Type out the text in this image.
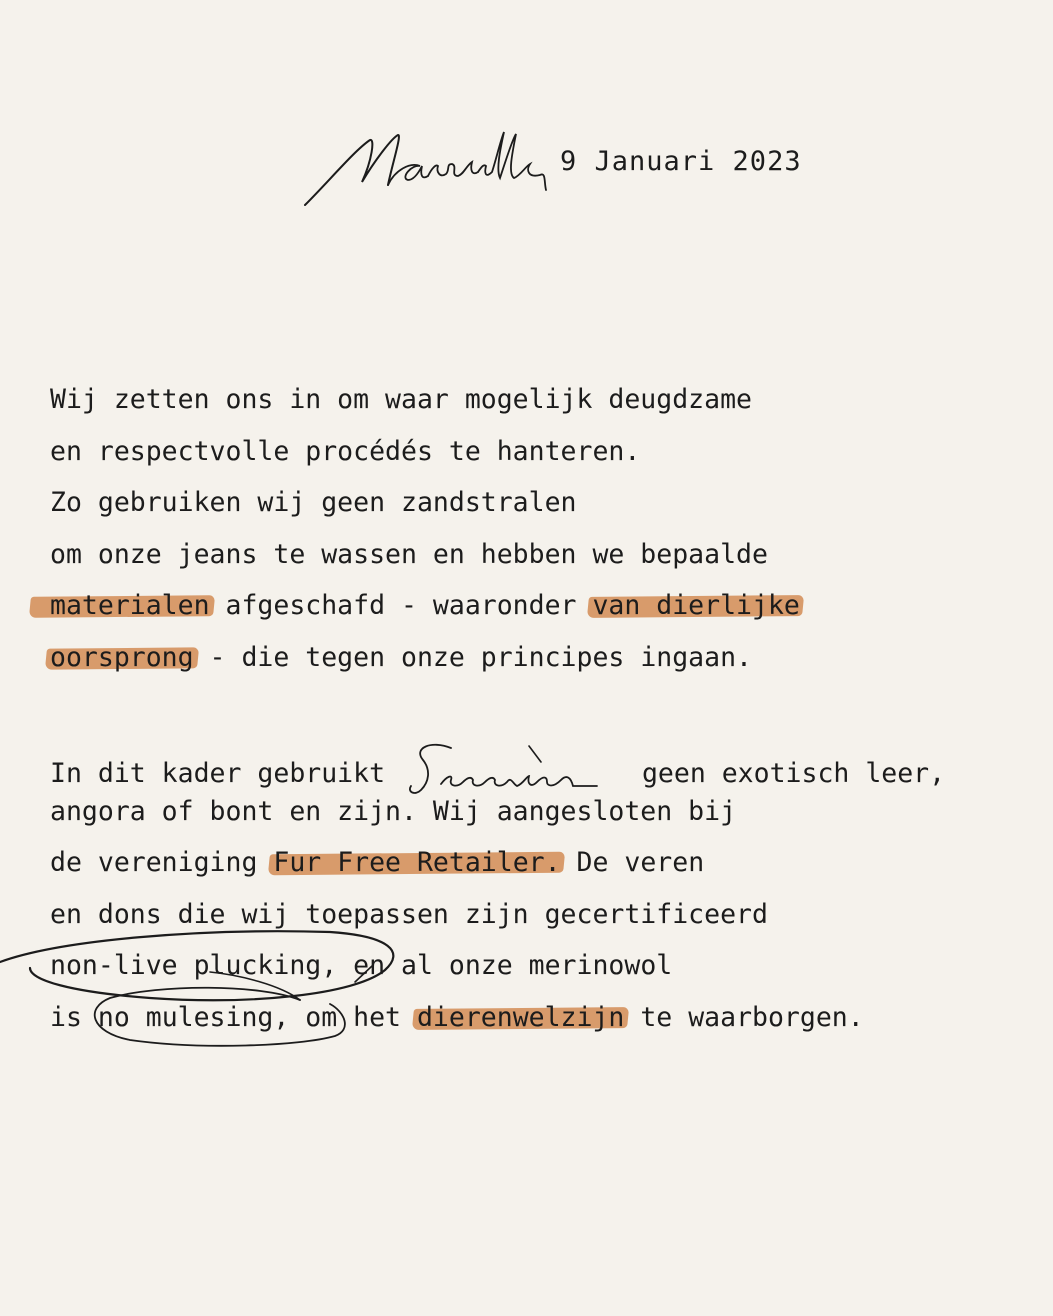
9 Januari 2023
Wij zetten ons in om waar mogelijk deugdzame
en respectvolle procédés te hanteren.
Zo gebruiken wij geen zandstralen
om onze jeans te wassen en hebben we bepaalde
materialen afgeschafd - waaronder van dierlijke
oorsprong - die tegen onze principes ingaan.
In dit kader gebruikt	geen exotisch leer,
angora of bont en zijn. Wij aangesloten bij
de vereniging Fur Free Retailer. De veren
en dons die wij toepassen zijn gecertificeerd
non-live plucking, en al onze merinowol
is no mulesing, om het dierenwelzijn te waarborgen.
